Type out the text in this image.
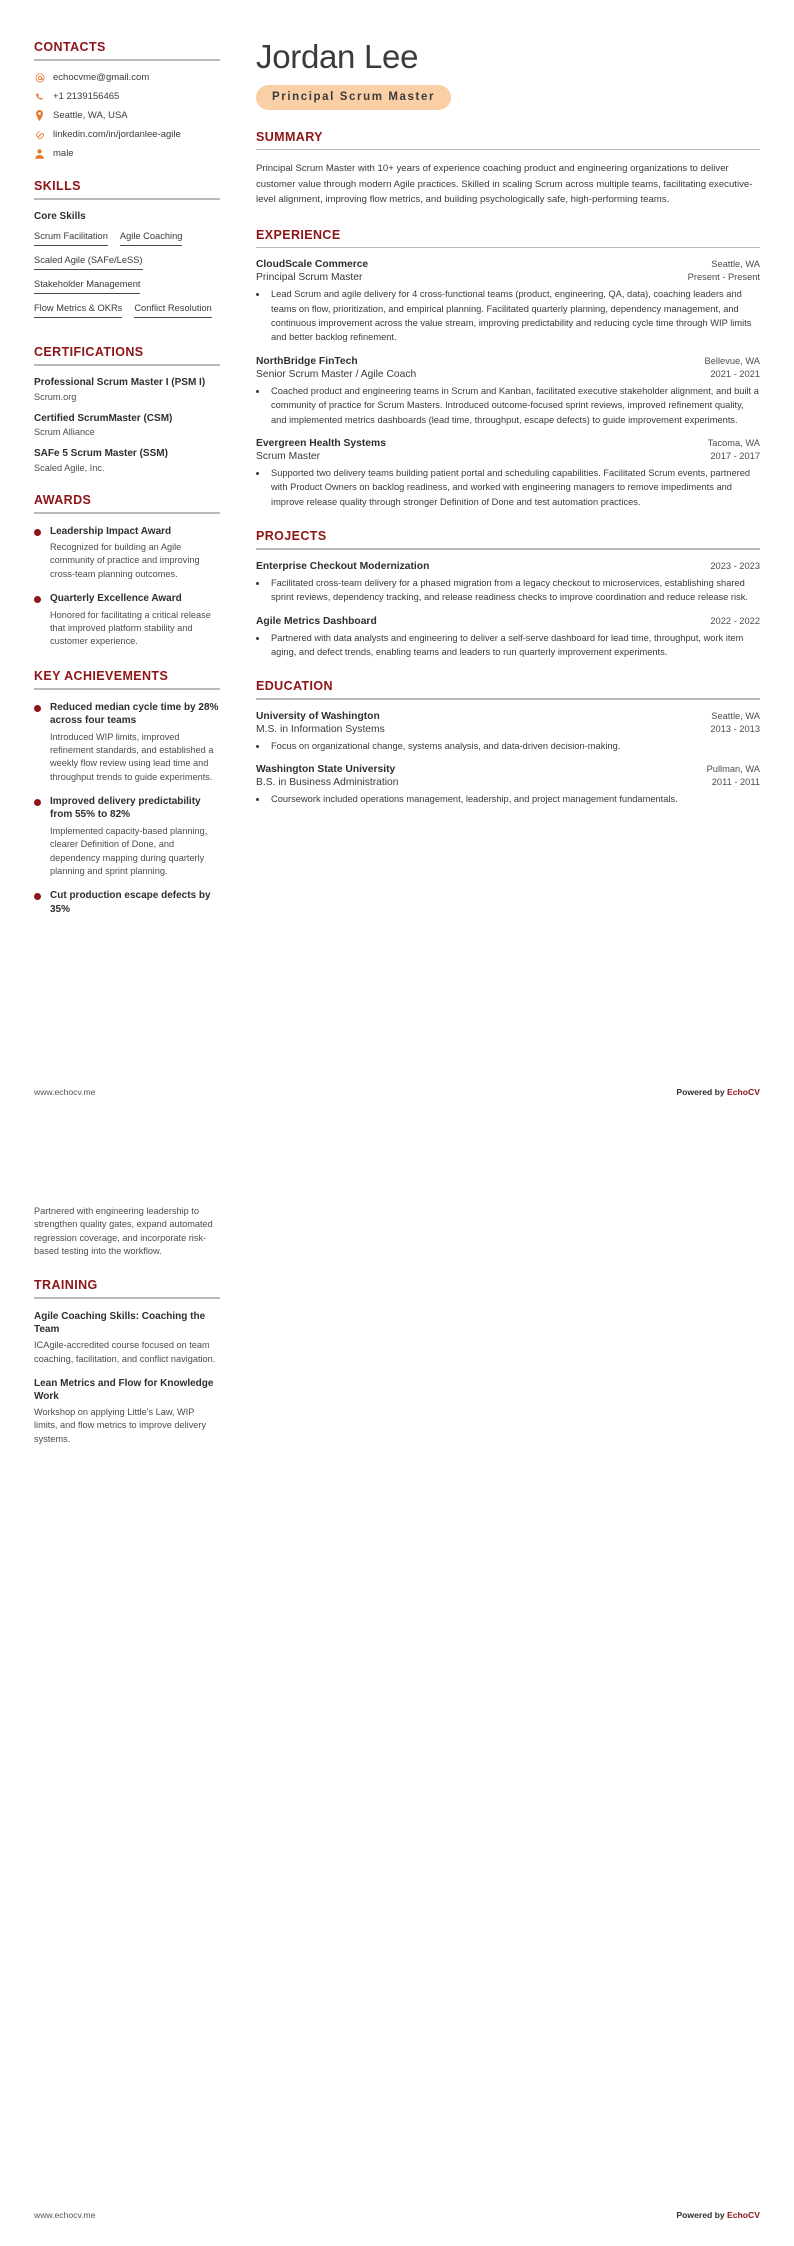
CONTACTS
echocvme@gmail.com
+1 2139156465
Seattle, WA, USA
linkedin.com/in/jordanlee-agile
male
SKILLS
Core Skills
Scrum Facilitation Agile Coaching
Scaled Agile (SAFe/LeSS)
Stakeholder Management
Flow Metrics & OKRs Conflict Resolution
CERTIFICATIONS
Professional Scrum Master I (PSM I)
Scrum.org
Certified ScrumMaster (CSM)
Scrum Alliance
SAFe 5 Scrum Master (SSM)
Scaled Agile, Inc.
AWARDS
Leadership Impact Award
Recognized for building an Agile community of practice and improving cross-team planning outcomes.
Quarterly Excellence Award
Honored for facilitating a critical release that improved platform stability and customer experience.
KEY ACHIEVEMENTS
Reduced median cycle time by 28% across four teams
Introduced WIP limits, improved refinement standards, and established a weekly flow review using lead time and throughput trends to guide experiments.
Improved delivery predictability from 55% to 82%
Implemented capacity-based planning, clearer Definition of Done, and dependency mapping during quarterly planning and sprint planning.
Cut production escape defects by 35%
Jordan Lee
Principal Scrum Master
SUMMARY
Principal Scrum Master with 10+ years of experience coaching product and engineering organizations to deliver customer value through modern Agile practices. Skilled in scaling Scrum across multiple teams, facilitating executive-level alignment, improving flow metrics, and building psychologically safe, high-performing teams.
EXPERIENCE
CloudScale Commerce	Seattle, WA
Principal Scrum Master	Present - Present
• Lead Scrum and agile delivery for 4 cross-functional teams (product, engineering, QA, data), coaching leaders and teams on flow, prioritization, and empirical planning. Facilitated quarterly planning, dependency management, and continuous improvement across the value stream, improving predictability and reducing cycle time through WIP limits and better backlog refinement.
NorthBridge FinTech	Bellevue, WA
Senior Scrum Master / Agile Coach	2021 - 2021
• Coached product and engineering teams in Scrum and Kanban, facilitated executive stakeholder alignment, and built a community of practice for Scrum Masters. Introduced outcome-focused sprint reviews, improved refinement quality, and implemented metrics dashboards (lead time, throughput, escape defects) to guide improvement experiments.
Evergreen Health Systems	Tacoma, WA
Scrum Master	2017 - 2017
• Supported two delivery teams building patient portal and scheduling capabilities. Facilitated Scrum events, partnered with Product Owners on backlog readiness, and worked with engineering managers to remove impediments and improve release quality through stronger Definition of Done and test automation practices.
PROJECTS
Enterprise Checkout Modernization	2023 - 2023
• Facilitated cross-team delivery for a phased migration from a legacy checkout to microservices, establishing shared sprint reviews, dependency tracking, and release readiness checks to improve coordination and reduce release risk.
Agile Metrics Dashboard	2022 - 2022
• Partnered with data analysts and engineering to deliver a self-serve dashboard for lead time, throughput, work item aging, and defect trends, enabling teams and leaders to run quarterly improvement experiments.
EDUCATION
University of Washington	Seattle, WA
M.S. in Information Systems	2013 - 2013
• Focus on organizational change, systems analysis, and data-driven decision-making.
Washington State University	Pullman, WA
B.S. in Business Administration	2011 - 2011
• Coursework included operations management, leadership, and project management fundamentals.
www.echocv.me	Powered by EchoCV
Partnered with engineering leadership to strengthen quality gates, expand automated regression coverage, and incorporate risk-based testing into the workflow.
TRAINING
Agile Coaching Skills: Coaching the Team
ICAgile-accredited course focused on team coaching, facilitation, and conflict navigation.
Lean Metrics and Flow for Knowledge Work
Workshop on applying Little's Law, WIP limits, and flow metrics to improve delivery systems.
www.echocv.me	Powered by EchoCV
